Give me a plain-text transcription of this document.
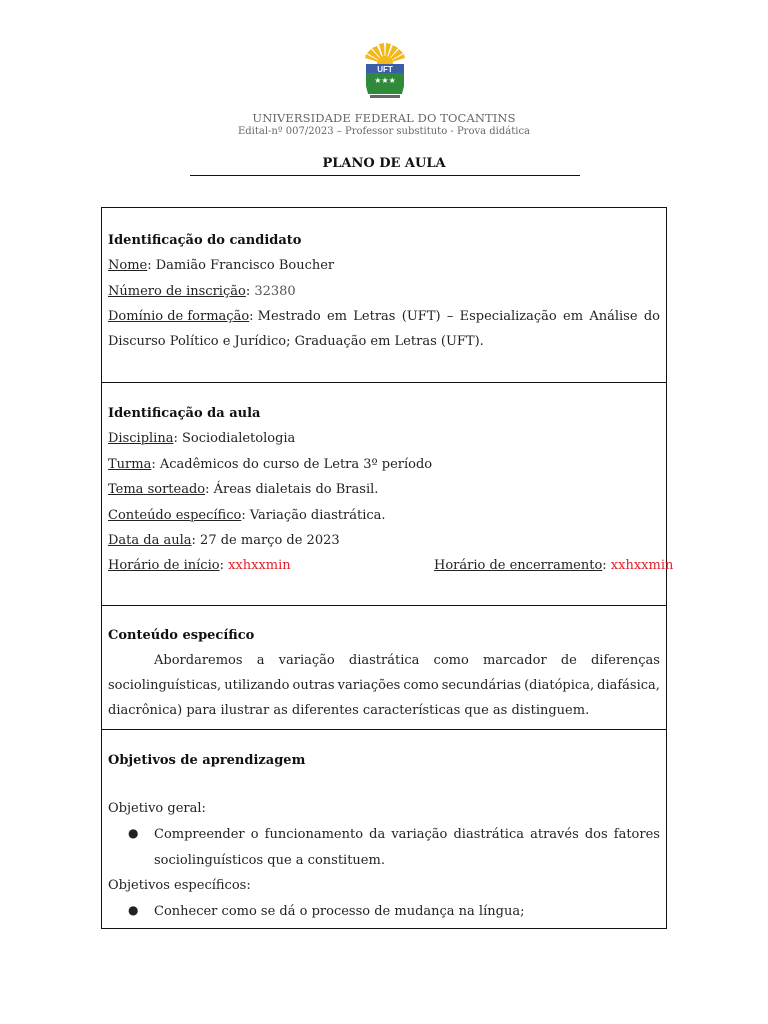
UFT
★★★
UNIVERSIDADE FEDERAL DO TOCANTINS
Edital-nº 007/2023 – Professor substituto - Prova didática
PLANO DE AULA
Identificação do candidato
Nome: Damião Francisco Boucher
Número de inscrição: 32380
Domínio de formação: Mestrado em Letras (UFT) – Especialização em Análise do
Discurso Político e Jurídico; Graduação em Letras (UFT).
Identificação da aula
Disciplina: Sociodialetologia
Turma: Acadêmicos do curso de Letra 3º período
Tema sorteado: Áreas dialetais do Brasil.
Conteúdo específico: Variação diastrática.
Data da aula: 27 de março de 2023
Horário de início: xxhxxmin	Horário de encerramento: xxhxxmin
Conteúdo específico
Abordaremos a variação diastrática como marcador de diferenças
sociolinguísticas, utilizando outras variações como secundárias (diatópica, diafásica,
diacrônica) para ilustrar as diferentes características que as distinguem.
Objetivos de aprendizagem
Objetivo geral:
● Compreender o funcionamento da variação diastrática através dos fatores
sociolinguísticos que a constituem.
Objetivos específicos:
● Conhecer como se dá o processo de mudança na língua;
